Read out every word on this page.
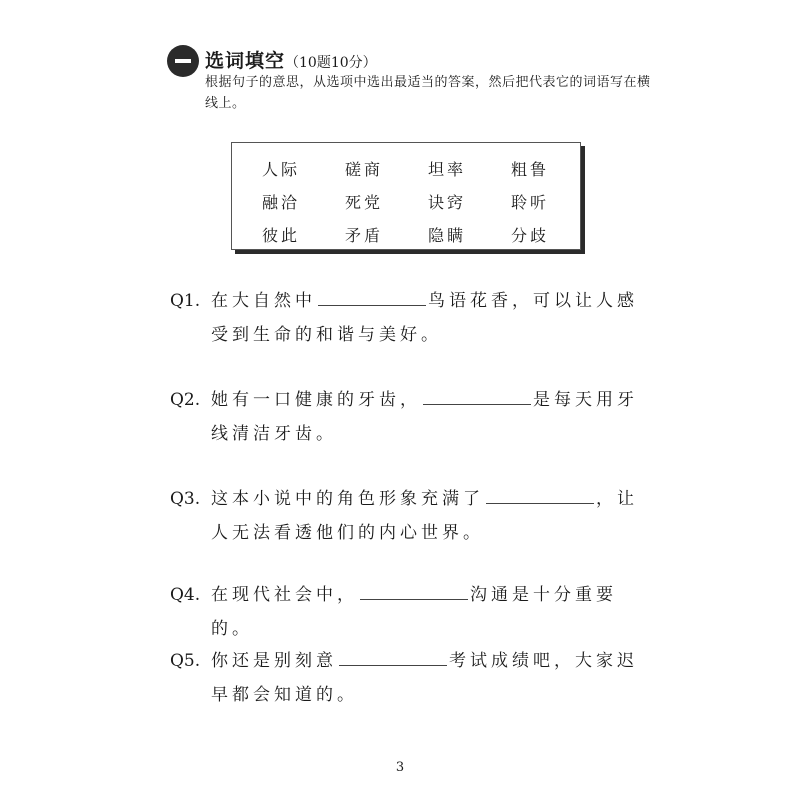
选词填空（10题10分）
根据句子的意思，从选项中选出最适当的答案，然后把代表它的词语写在横线上。
人际	磋商	坦率	粗鲁
融洽	死党	诀窍	聆听
彼此	矛盾	隐瞒	分歧
Q1. 在大自然中	鸟语花香，可以让人感受到生命的和谐与美好。
Q2. 她有一口健康的牙齿，	是每天用牙线清洁牙齿。
Q3. 这本小说中的角色形象充满了	，让人无法看透他们的内心世界。
Q4. 在现代社会中，	沟通是十分重要的。
Q5. 你还是别刻意	考试成绩吧，大家迟早都会知道的。
3
